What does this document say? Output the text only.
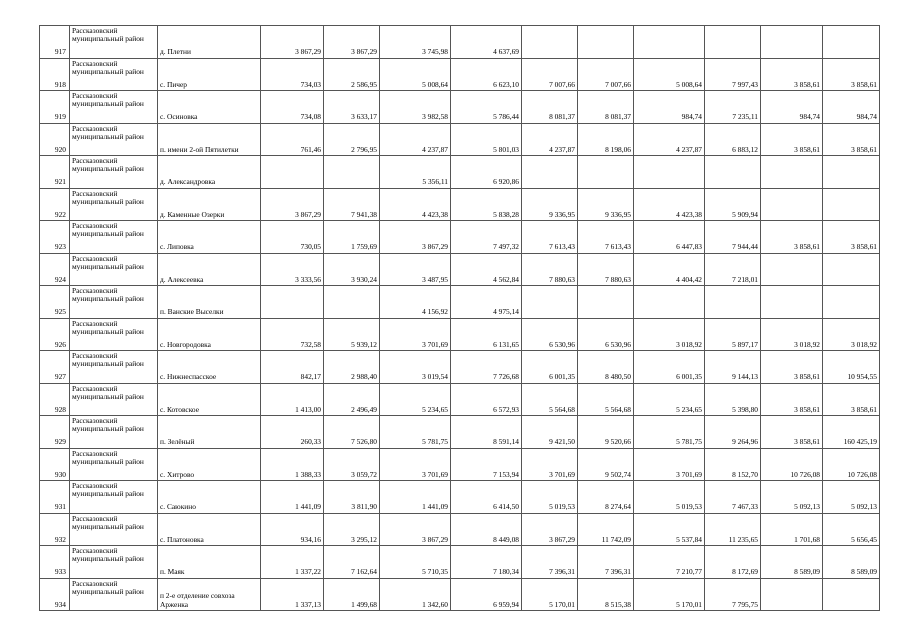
917	Рассказовский муниципальный район	д. Плетни	3 867,29	3 867,29	3 745,98	4 637,69						
918	Рассказовский муниципальный район	с. Пичер	734,03	2 586,95	5 008,64	6 623,10	7 007,66	7 007,66	5 008,64	7 997,43	3 858,61	3 858,61
919	Рассказовский муниципальный район	с. Осиновка	734,08	3 633,17	3 982,58	5 786,44	8 081,37	8 081,37	984,74	7 235,11	984,74	984,74
920	Рассказовский муниципальный район	п. имени 2-ой Пятилетки	761,46	2 796,95	4 237,87	5 801,03	4 237,87	8 198,06	4 237,87	6 883,12	3 858,61	3 858,61
921	Рассказовский муниципальный район	д. Александровка			5 356,11	6 920,86						
922	Рассказовский муниципальный район	д. Каменные Озерки	3 867,29	7 941,38	4 423,38	5 838,28	9 336,95	9 336,95	4 423,38	5 909,94		
923	Рассказовский муниципальный район	с. Липовка	730,05	1 759,69	3 867,29	7 497,32	7 613,43	7 613,43	6 447,83	7 944,44	3 858,61	3 858,61
924	Рассказовский муниципальный район	д. Алексеевка	3 333,56	3 930,24	3 487,95	4 562,84	7 880,63	7 880,63	4 404,42	7 218,01		
925	Рассказовский муниципальный район	п. Ванские Выселки			4 156,92	4 975,14						
926	Рассказовский муниципальный район	с. Новгородовка	732,58	5 939,12	3 701,69	6 131,65	6 530,96	6 530,96	3 018,92	5 897,17	3 018,92	3 018,92
927	Рассказовский муниципальный район	с. Нижнеспасское	842,17	2 988,40	3 019,54	7 726,68	6 001,35	8 480,50	6 001,35	9 144,13	3 858,61	10 954,55
928	Рассказовский муниципальный район	с. Котовское	1 413,00	2 496,49	5 234,65	6 572,93	5 564,68	5 564,68	5 234,65	5 398,80	3 858,61	3 858,61
929	Рассказовский муниципальный район	п. Зелёный	260,33	7 526,80	5 781,75	8 591,14	9 421,50	9 520,66	5 781,75	9 264,96	3 858,61	160 425,19
930	Рассказовский муниципальный район	с. Хитрово	1 388,33	3 059,72	3 701,69	7 153,94	3 701,69	9 502,74	3 701,69	8 152,70	10 726,08	10 726,08
931	Рассказовский муниципальный район	с. Саюкино	1 441,09	3 811,90	1 441,09	6 414,50	5 019,53	8 274,64	5 019,53	7 467,33	5 092,13	5 092,13
932	Рассказовский муниципальный район	с. Платоновка	934,16	3 295,12	3 867,29	8 449,08	3 867,29	11 742,09	5 537,84	11 235,65	1 701,68	5 656,45
933	Рассказовский муниципальный район	п. Маяк	1 337,22	7 162,64	5 710,35	7 180,34	7 396,31	7 396,31	7 210,77	8 172,69	8 589,09	8 589,09
934	Рассказовский муниципальный район	п 2-е отделение совхоза Арженка	1 337,13	1 499,68	1 342,60	6 959,94	5 170,01	8 515,38	5 170,01	7 795,75		
